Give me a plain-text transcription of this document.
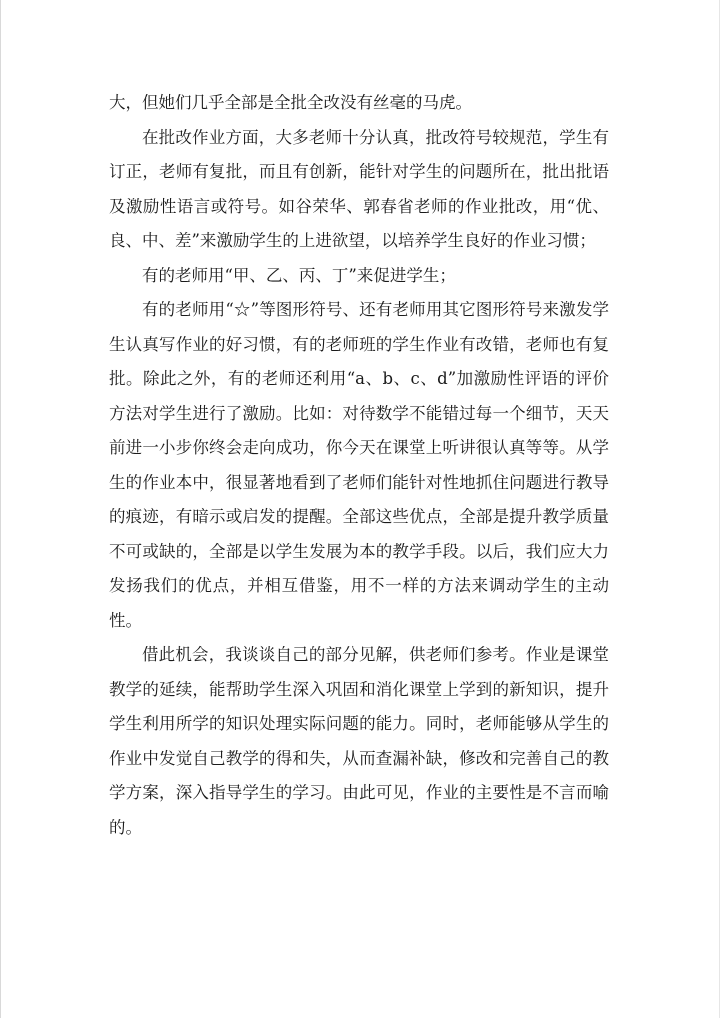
大，但她们几乎全部是全批全改没有丝毫的马虎。

在批改作业方面，大多老师十分认真，批改符号较规范，学生有订正，老师有复批，而且有创新，能针对学生的问题所在，批出批语及激励性语言或符号。如谷荣华、郭春省老师的作业批改，用“优、良、中、差”来激励学生的上进欲望，以培养学生良好的作业习惯；

有的老师用“甲、乙、丙、丁”来促进学生；

有的老师用“☆”等图形符号、还有老师用其它图形符号来激发学生认真写作业的好习惯，有的老师班的学生作业有改错，老师也有复批。除此之外，有的老师还利用“a、b、c、d”加激励性评语的评价方法对学生进行了激励。比如：对待数学不能错过每一个细节，天天前进一小步你终会走向成功，你今天在课堂上听讲很认真等等。从学生的作业本中，很显著地看到了老师们能针对性地抓住问题进行教导的痕迹，有暗示或启发的提醒。全部这些优点，全部是提升教学质量不可或缺的，全部是以学生发展为本的教学手段。以后，我们应大力发扬我们的优点，并相互借鉴，用不一样的方法来调动学生的主动性。

借此机会，我谈谈自己的部分见解，供老师们参考。作业是课堂教学的延续，能帮助学生深入巩固和消化课堂上学到的新知识，提升学生利用所学的知识处理实际问题的能力。同时，老师能够从学生的作业中发觉自己教学的得和失，从而查漏补缺，修改和完善自己的教学方案，深入指导学生的学习。由此可见，作业的主要性是不言而喻的。
